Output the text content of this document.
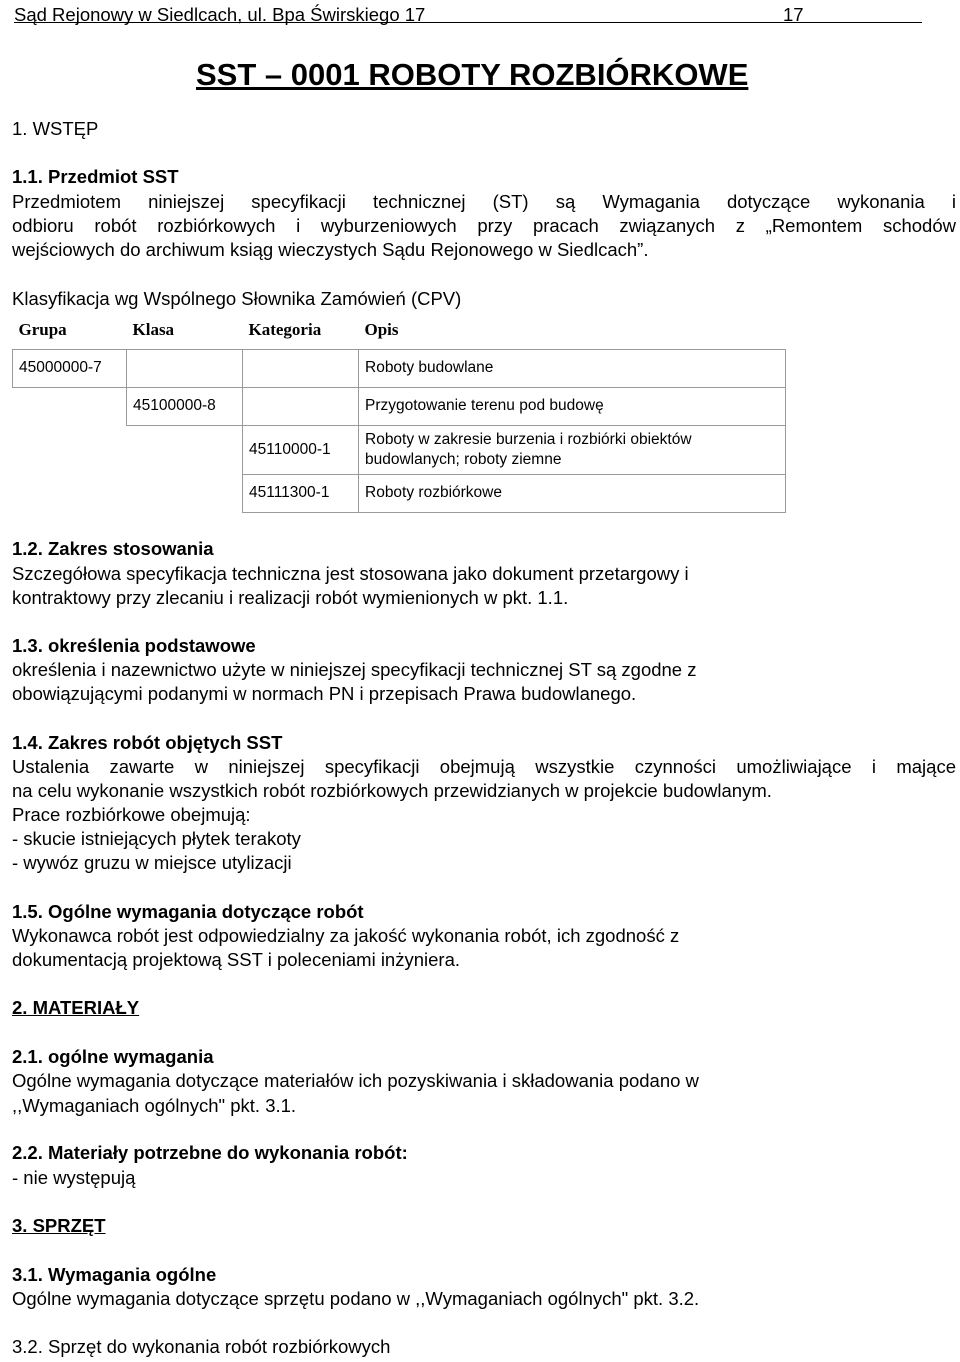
Sąd Rejonowy w Siedlcach, ul. Bpa Świrskiego 17	17
SST – 0001 ROBOTY ROZBIÓRKOWE
1. WSTĘP
1.1. Przedmiot SST
Przedmiotem niniejszej specyfikacji technicznej (ST) są Wymagania dotyczące wykonania i
odbioru robót rozbiórkowych i wyburzeniowych przy pracach związanych z „Remontem schodów
wejściowych do archiwum ksiąg wieczystych Sądu Rejonowego w Siedlcach”.
Klasyfikacja wg Wspólnego Słownika Zamówień (CPV)
Grupa	Klasa	Kategoria	Opis
45000000-7			Roboty budowlane
	45100000-8		Przygotowanie terenu pod budowę
		45110000-1	Roboty w zakresie burzenia i rozbiórki obiektów budowlanych; roboty ziemne
		45111300-1	Roboty rozbiórkowe
1.2. Zakres stosowania
Szczegółowa specyfikacja techniczna jest stosowana jako dokument przetargowy i
kontraktowy przy zlecaniu i realizacji robót wymienionych w pkt. 1.1.
1.3. określenia podstawowe
określenia i nazewnictwo użyte w niniejszej specyfikacji technicznej ST są zgodne z
obowiązującymi podanymi w normach PN i przepisach Prawa budowlanego.
1.4. Zakres robót objętych SST
Ustalenia zawarte w niniejszej specyfikacji obejmują wszystkie czynności umożliwiające i mające
na celu wykonanie wszystkich robót rozbiórkowych przewidzianych w projekcie budowlanym.
Prace rozbiórkowe obejmują:
- skucie istniejących płytek terakoty
- wywóz gruzu w miejsce utylizacji
1.5. Ogólne wymagania dotyczące robót
Wykonawca robót jest odpowiedzialny za jakość wykonania robót, ich zgodność z
dokumentacją projektową SST i poleceniami inżyniera.
2. MATERIAŁY
2.1. ogólne wymagania
Ogólne wymagania dotyczące materiałów ich pozyskiwania i składowania podano w
,,Wymaganiach ogólnych" pkt. 3.1.
2.2. Materiały potrzebne do wykonania robót:
- nie występują
3. SPRZĘT
3.1. Wymagania ogólne
Ogólne wymagania dotyczące sprzętu podano w ,,Wymaganiach ogólnych" pkt. 3.2.
3.2. Sprzęt do wykonania robót rozbiórkowych
